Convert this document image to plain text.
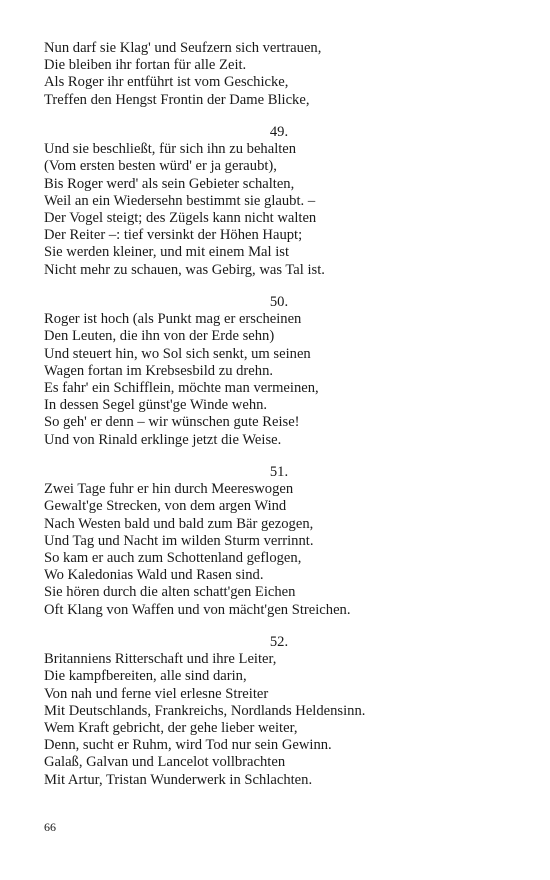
Nun darf sie Klag' und Seufzern sich vertrauen,
Die bleiben ihr fortan für alle Zeit.
Als Roger ihr entführt ist vom Geschicke,
Treffen den Hengst Frontin der Dame Blicke,
49.
Und sie beschließt, für sich ihn zu behalten
(Vom ersten besten würd' er ja geraubt),
Bis Roger werd' als sein Gebieter schalten,
Weil an ein Wiedersehn bestimmt sie glaubt. –
Der Vogel steigt; des Zügels kann nicht walten
Der Reiter –: tief versinkt der Höhen Haupt;
Sie werden kleiner, und mit einem Mal ist
Nicht mehr zu schauen, was Gebirg, was Tal ist.
50.
Roger ist hoch (als Punkt mag er erscheinen
Den Leuten, die ihn von der Erde sehn)
Und steuert hin, wo Sol sich senkt, um seinen
Wagen fortan im Krebsesbild zu drehn.
Es fahr' ein Schifflein, möchte man vermeinen,
In dessen Segel günst'ge Winde wehn.
So geh' er denn – wir wünschen gute Reise!
Und von Rinald erklinge jetzt die Weise.
51.
Zwei Tage fuhr er hin durch Meereswogen
Gewalt'ge Strecken, von dem argen Wind
Nach Westen bald und bald zum Bär gezogen,
Und Tag und Nacht im wilden Sturm verrinnt.
So kam er auch zum Schottenland geflogen,
Wo Kaledonias Wald und Rasen sind.
Sie hören durch die alten schatt'gen Eichen
Oft Klang von Waffen und von mächt'gen Streichen.
52.
Britanniens Ritterschaft und ihre Leiter,
Die kampfbereiten, alle sind darin,
Von nah und ferne viel erlesne Streiter
Mit Deutschlands, Frankreichs, Nordlands Heldensinn.
Wem Kraft gebricht, der gehe lieber weiter,
Denn, sucht er Ruhm, wird Tod nur sein Gewinn.
Galaß, Galvan und Lancelot vollbrachten
Mit Artur, Tristan Wunderwerk in Schlachten.
66
